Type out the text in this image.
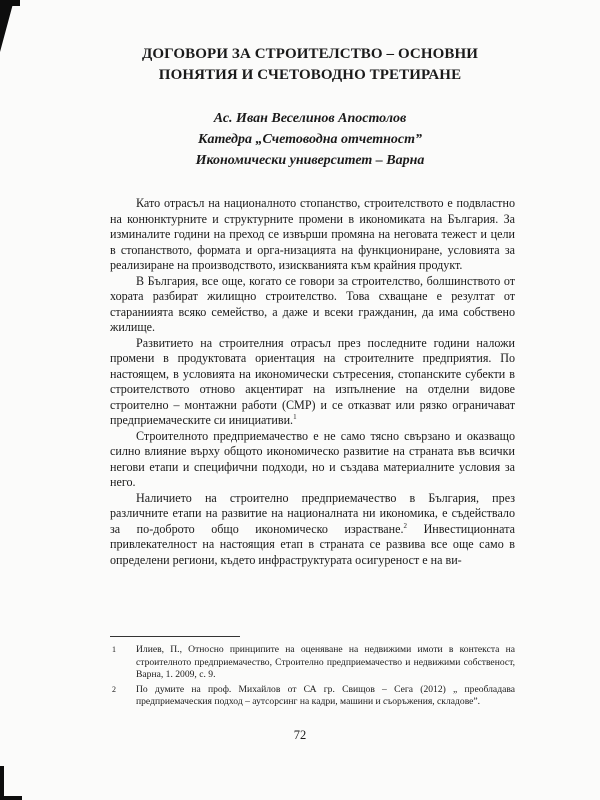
ДОГОВОРИ ЗА СТРОИТЕЛСТВО – ОСНОВНИ
ПОНЯТИЯ И СЧЕТОВОДНО ТРЕТИРАНЕ
Ас. Иван Веселинов Апостолов
Катедра „Счетоводна отчетност”
Икономически университет – Варна

Като отрасъл на националното стопанство, строителството е подвластно на конюнктурните и структурните промени в икономиката на България. За изминалите години на преход се извърши промяна на неговата тежест и цели в стопанството, формата и орга-низацията на функциониране, условията за реализиране на производството, изискванията към крайния продукт.

В България, все още, когато се говори за строителство, болшинството от хората разбират жилищно строителство. Това схващане е резултат от стараниията всяко семейство, а даже и всеки гражданин, да има собствено жилище.

Развитието на строителния отрасъл през последните години наложи промени в продуктовата ориентация на строителните предприятия. По настоящем, в условията на икономически сътресения, стопанските субекти в строителството отново акцентират на изпълнение на отделни видове строително – монтажни работи (СМР) и се отказват или рязко ограничават предприемаческите си инициативи.$^1$

Строителното предприемачество е не само тясно свързано и оказващо силно влияние върху общото икономическо развитие на страната във всички негови етапи и специфични подходи, но и създава материалните условия за него.

Наличието на строително предприемачество в България, през различните етапи на развитие на националната ни икономика, е съдействало за по-доброто общо икономическо израстване.$^2$ Инвестиционната привлекателност на настоящия етап в страната се развива все още само в определени региони, където инфраструктурата осигуреност е на ви-

1	Илиев, П., Относно принципите на оценяване на недвижими имоти в контекста на строителното предприемачество, Строително предприемачество и недвижими собственост, Варна, 1. 2009, с. 9.
2	По думите на проф. Михайлов от СА гр. Свищов – Сега (2012) „ преобладава предприемаческия подход – аутсорсинг на кадри, машини и съоръжения, складове”.
72
